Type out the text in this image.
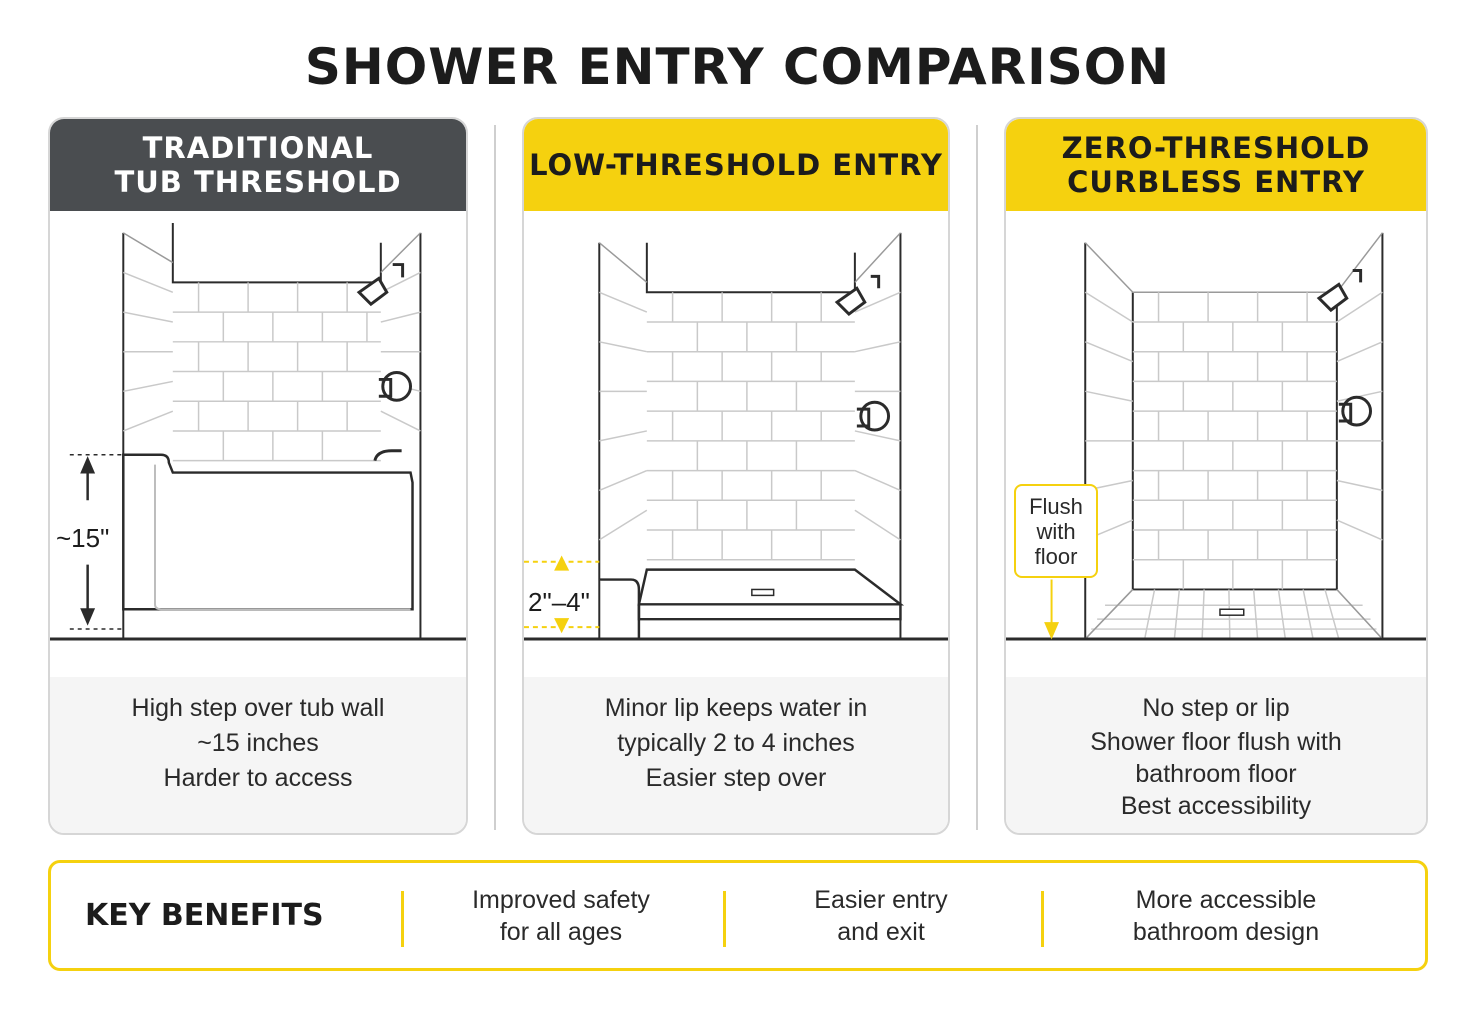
SHOWER ENTRY COMPARISON
TRADITIONAL
TUB THRESHOLD
~15"
High step over tub wall
~15 inches
Harder to access
LOW-THRESHOLD ENTRY
2"–4"
Minor lip keeps water in
typically 2 to 4 inches
Easier step over
ZERO-THRESHOLD
CURBLESS ENTRY
Flush
with
floor
No step or lip
Shower floor flush with
bathroom floor
Best accessibility
KEY BENEFITS	Improved safety
for all ages
Easier entry
and exit
More accessible
bathroom design
